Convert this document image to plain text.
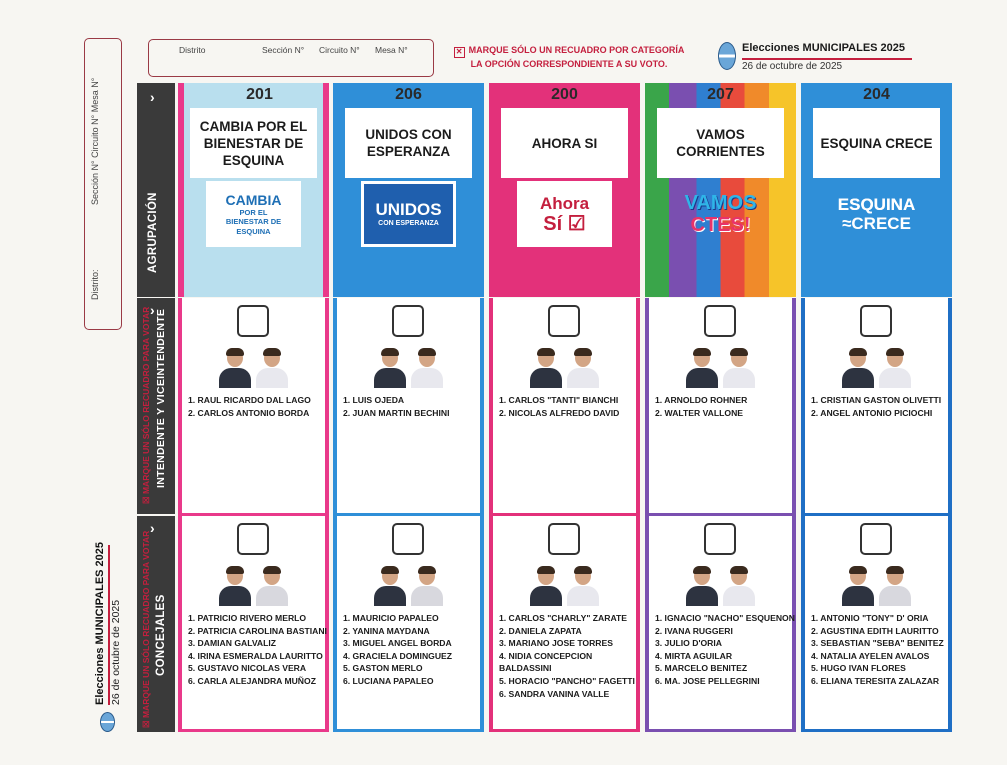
Distrito:
Sección N° Circuito N° Mesa N°
Elecciones MUNICIPALES 2025 26 de octubre de 2025
Distrito	Sección N° Circuito N° Mesa N°	✕ MARQUE SÓLO UN RECUADRO POR CATEGORÍA
LA OPCIÓN CORRESPONDIENTE A SU VOTO.
Elecciones MUNICIPALES 2025
26 de octubre de 2025
›
AGRUPACIÓN
›
☒ MARQUE UN SÓLO RECUADRO PARA VOTAR INTENDENTE Y VICEINTENDENTE
›
☒ MARQUE UN SÓLO RECUADRO PARA VOTAR CONCEJALES
201
CAMBIA POR EL BIENESTAR DE ESQUINA
CAMBIA
POR EL BIENESTAR DE ESQUINA
1. RAUL RICARDO DAL LAGO
2. CARLOS ANTONIO BORDA
1. PATRICIO RIVERO MERLO
2. PATRICIA CAROLINA BASTIANI
3. DAMIAN GALVALIZ
4. IRINA ESMERALDA LAURITTO
5. GUSTAVO NICOLAS VERA
6. CARLA ALEJANDRA MUÑOZ
206
UNIDOS CON ESPERANZA
UNIDOS
CON ESPERANZA
1. LUIS OJEDA
2. JUAN MARTIN BECHINI
1. MAURICIO PAPALEO
2. YANINA MAYDANA
3. MIGUEL ANGEL BORDA
4. GRACIELA DOMINGUEZ
5. GASTON MERLO
6. LUCIANA PAPALEO
200
AHORA SI
Ahora
Sí ☑
1. CARLOS "TANTI" BIANCHI
2. NICOLAS ALFREDO DAVID
1. CARLOS "CHARLY" ZARATE
2. DANIELA ZAPATA
3. MARIANO JOSE TORRES
4. NIDIA CONCEPCION
BALDASSINI
5. HORACIO "PANCHO" FAGETTI
6. SANDRA VANINA VALLE
207
VAMOS CORRIENTES
VAMOS
CTES!
1. ARNOLDO ROHNER
2. WALTER VALLONE
1. IGNACIO "NACHO" ESQUENON
2. IVANA RUGGERI
3. JULIO D'ORIA
4. MIRTA AGUILAR
5. MARCELO BENITEZ
6. MA. JOSE PELLEGRINI
204
ESQUINA CRECE
ESQUINA
≈CRECE
1. CRISTIAN GASTON OLIVETTI
2. ANGEL ANTONIO PICIOCHI
1. ANTONIO "TONY" D' ORIA
2. AGUSTINA EDITH LAURITTO
3. SEBASTIAN "SEBA" BENITEZ
4. NATALIA AYELEN AVALOS
5. HUGO IVAN FLORES
6. ELIANA TERESITA ZALAZAR
